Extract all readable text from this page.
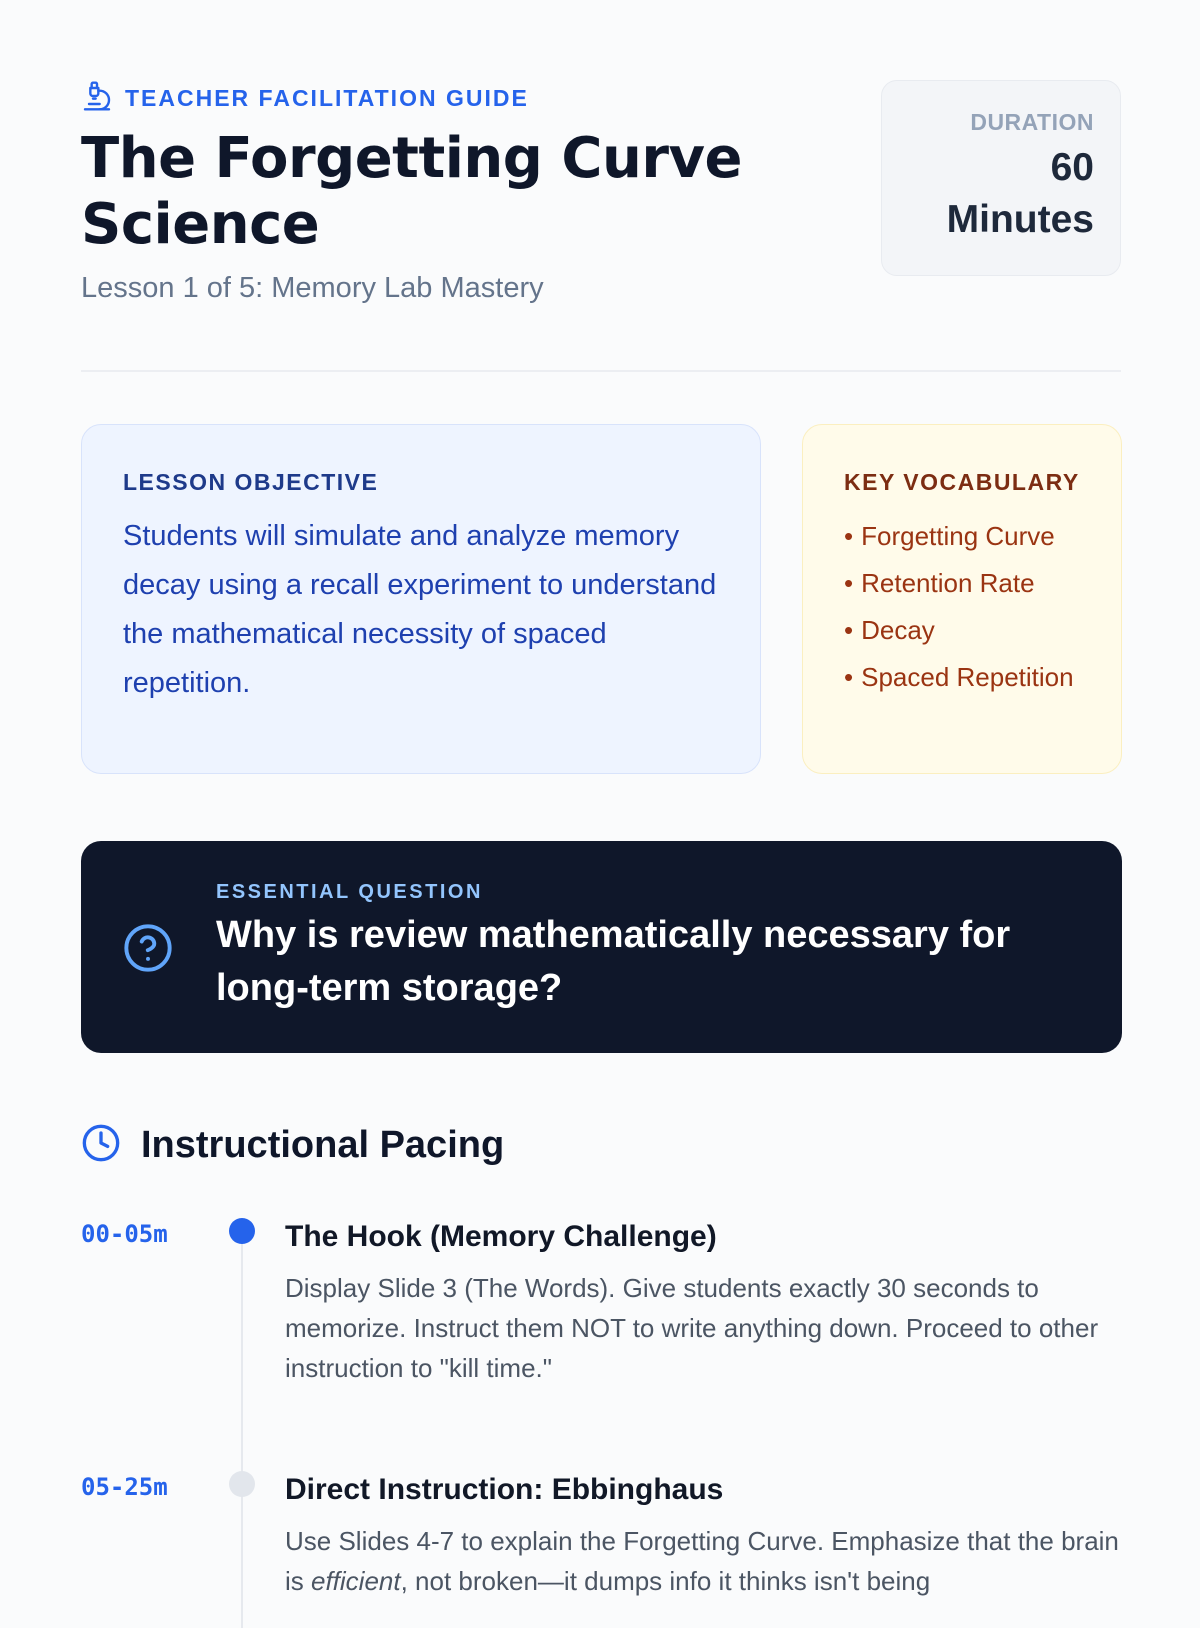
TEACHER FACILITATION GUIDE
The Forgetting Curve Science
Lesson 1 of 5: Memory Lab Mastery
DURATION
60 Minutes
LESSON OBJECTIVE
Students will simulate and analyze memory decay using a recall experiment to understand the mathematical necessity of spaced repetition.
KEY VOCABULARY
• Forgetting Curve
• Retention Rate
• Decay
• Spaced Repetition
ESSENTIAL QUESTION
Why is review mathematically necessary for long-term storage?
Instructional Pacing
00-05m	The Hook (Memory Challenge)
Display Slide 3 (The Words). Give students exactly 30 seconds to memorize. Instruct them NOT to write anything down. Proceed to other instruction to "kill time."
05-25m	Direct Instruction: Ebbinghaus
Use Slides 4-7 to explain the Forgetting Curve. Emphasize that the brain is efficient, not broken—it dumps info it thinks isn't being
